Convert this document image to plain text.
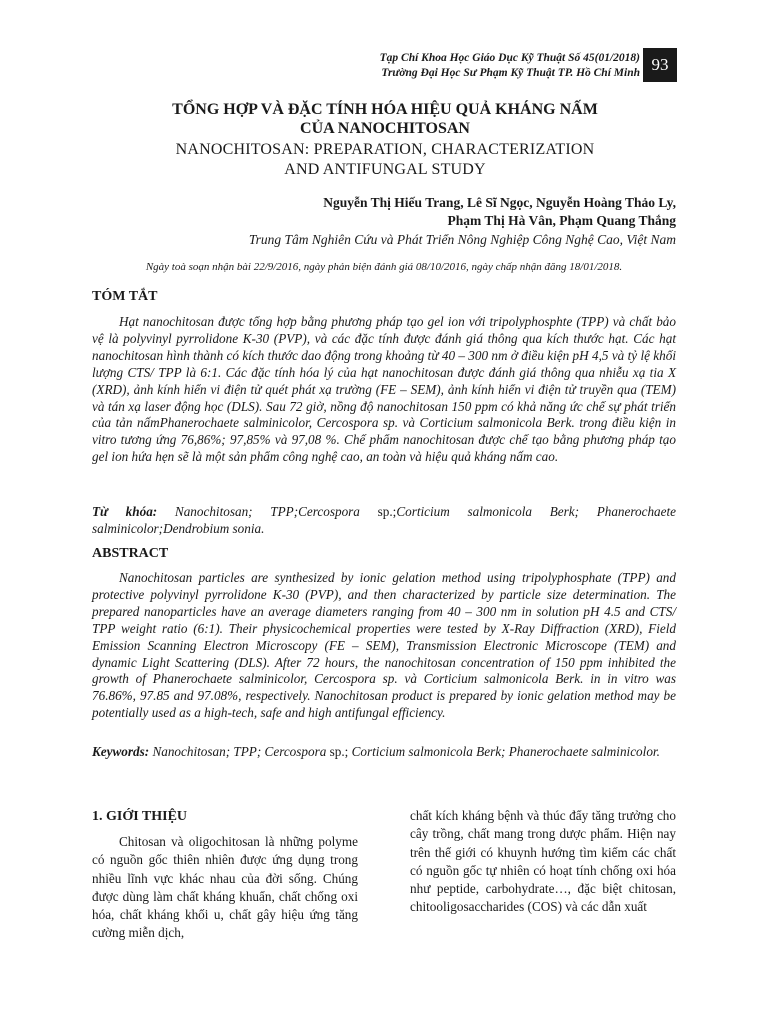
Tạp Chí Khoa Học Giáo Dục Kỹ Thuật Số 45(01/2018)
Trường Đại Học Sư Phạm Kỹ Thuật TP. Hồ Chí Minh 93
TỔNG HỢP VÀ ĐẶC TÍNH HÓA HIỆU QUẢ KHÁNG NẤM
CỦA NANOCHITOSAN
NANOCHITOSAN: PREPARATION, CHARACTERIZATION
AND ANTIFUNGAL STUDY
Nguyễn Thị Hiếu Trang, Lê Sĩ Ngọc, Nguyễn Hoàng Thảo Ly,
Phạm Thị Hà Vân, Phạm Quang Thắng
Trung Tâm Nghiên Cứu và Phát Triển Nông Nghiệp Công Nghệ Cao, Việt Nam
Ngày toà soạn nhận bài 22/9/2016, ngày phản biện đánh giá 08/10/2016, ngày chấp nhận đăng 18/01/2018.
TÓM TẮT

Hạt nanochitosan được tổng hợp bằng phương pháp tạo gel ion với tripolyphosphte (TPP) và chất bảo vệ là polyvinyl pyrrolidone K-30 (PVP), và các đặc tính được đánh giá thông qua kích thước hạt. Các hạt nanochitosan hình thành có kích thước dao động trong khoảng từ 40 – 300 nm ở điều kiện pH 4,5 và tỷ lệ khối lượng CTS/ TPP là 6:1. Các đặc tính hóa lý của hạt nanochitosan được đánh giá thông qua nhiễu xạ tia X (XRD), ảnh kính hiển vi điện tử quét phát xạ trường (FE – SEM), ảnh kính hiển vi điện tử truyền qua (TEM) và tán xạ laser động học (DLS). Sau 72 giờ, nồng độ nanochitosan 150 ppm có khả năng ức chế sự phát triển của tản nấmPhanerochaete salminicolor, Cercospora sp. và Corticium salmonicola Berk. trong điều kiện in vitro tương ứng 76,86%; 97,85% và 97,08 %. Chế phẩm nanochitosan được chế tạo bằng phương pháp tạo gel ion hứa hẹn sẽ là một sản phẩm công nghệ cao, an toàn và hiệu quả kháng nấm cao.

Từ khóa: Nanochitosan; TPP;Cercospora sp.;Corticium salmonicola Berk; Phanerochaete salminicolor;Dendrobium sonia.

ABSTRACT

Nanochitosan particles are synthesized by ionic gelation method using tripolyphosphate (TPP) and protective polyvinyl pyrrolidone K-30 (PVP), and then characterized by particle size determination. The prepared nanoparticles have an average diameters ranging from 40 – 300 nm in solution pH 4.5 and CTS/ TPP weight ratio (6:1). Their physicochemical properties were tested by X-Ray Diffraction (XRD), Field Emission Scanning Electron Microscopy (FE – SEM), Transmission Electronic Microscope (TEM) and dynamic Light Scattering (DLS). After 72 hours, the nanochitosan concentration of 150 ppm inhibited the growth of Phanerochaete salminicolor, Cercospora sp. và Corticium salmonicola Berk. in in vitro was 76.86%, 97.85 and 97.08%, respectively. Nanochitosan product is prepared by ionic gelation method may be potentially used as a high-tech, safe and high antifungal efficiency.

Keywords: Nanochitosan; TPP; Cercospora sp.; Corticium salmonicola Berk; Phanerochaete salminicolor.

1. GIỚI THIỆU

Chitosan và oligochitosan là những polyme có nguồn gốc thiên nhiên được ứng dụng trong nhiều lĩnh vực khác nhau của đời sống. Chúng được dùng làm chất kháng khuẩn, chất chống oxi hóa, chất kháng khối u, chất gây hiệu ứng tăng cường miễn dịch,

chất kích kháng bệnh và thúc đẩy tăng trưởng cho cây trồng, chất mang trong dược phẩm. Hiện nay trên thế giới có khuynh hướng tìm kiếm các chất có nguồn gốc tự nhiên có hoạt tính chống oxi hóa như peptide, carbohydrate…, đặc biệt chitosan, chitooligosaccharides (COS) và các dẫn xuất
